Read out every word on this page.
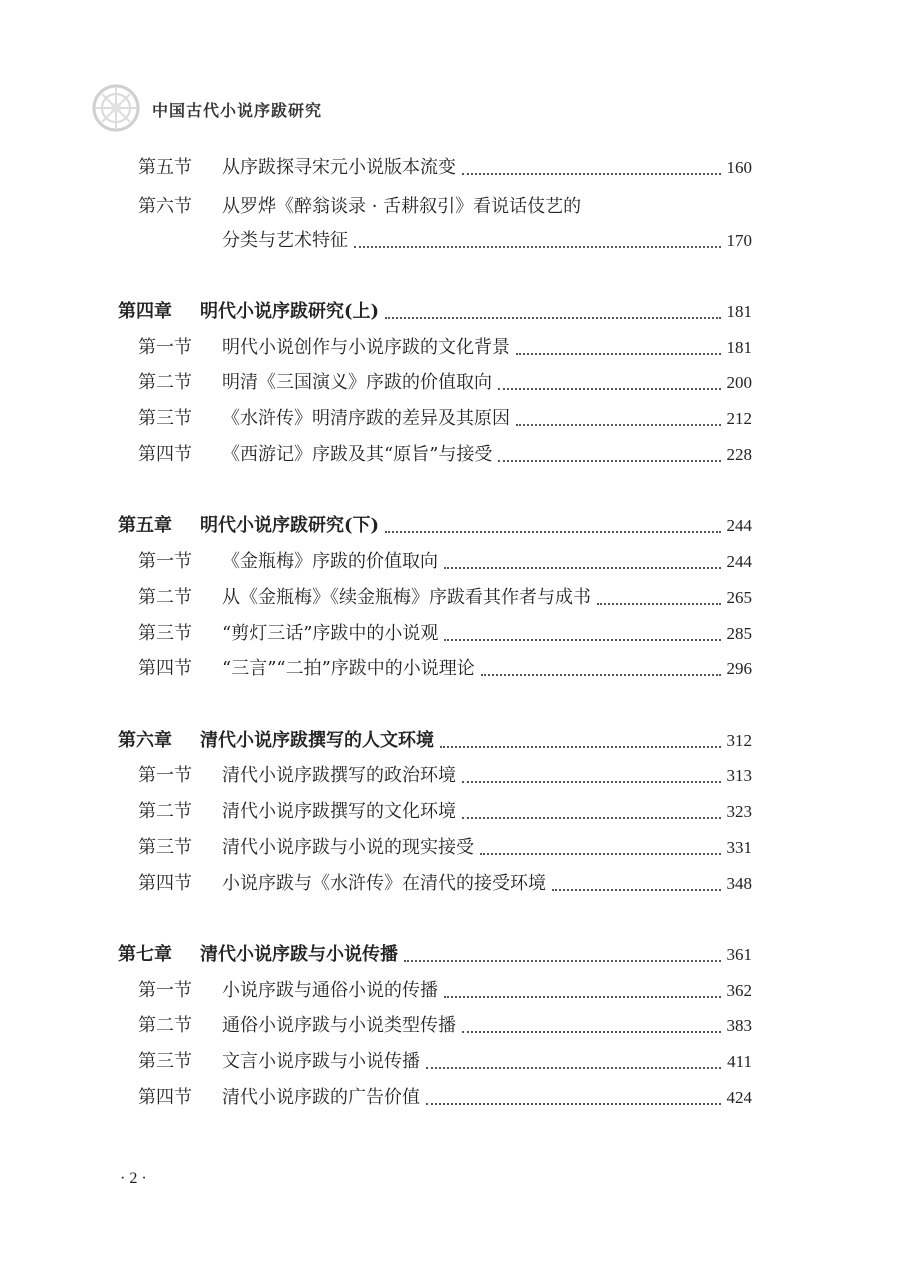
中国古代小说序跋研究
第五节 从序跋探寻宋元小说版本流变	160
第六节 从罗烨《醉翁谈录 · 舌耕叙引》看说话伎艺的
分类与艺术特征	170
第四章 明代小说序跋研究(上)	181
第一节 明代小说创作与小说序跋的文化背景	181
第二节 明清《三国演义》序跋的价值取向	200
第三节 《水浒传》明清序跋的差异及其原因	212
第四节 《西游记》序跋及其“原旨”与接受	228
第五章 明代小说序跋研究(下)	244
第一节 《金瓶梅》序跋的价值取向	244
第二节 从《金瓶梅》《续金瓶梅》序跋看其作者与成书	265
第三节 “剪灯三话”序跋中的小说观	285
第四节 “三言”“二拍”序跋中的小说理论	296
第六章 清代小说序跋撰写的人文环境	312
第一节 清代小说序跋撰写的政治环境	313
第二节 清代小说序跋撰写的文化环境	323
第三节 清代小说序跋与小说的现实接受	331
第四节 小说序跋与《水浒传》在清代的接受环境	348
第七章 清代小说序跋与小说传播	361
第一节 小说序跋与通俗小说的传播	362
第二节 通俗小说序跋与小说类型传播	383
第三节 文言小说序跋与小说传播	411
第四节 清代小说序跋的广告价值	424
· 2 ·
